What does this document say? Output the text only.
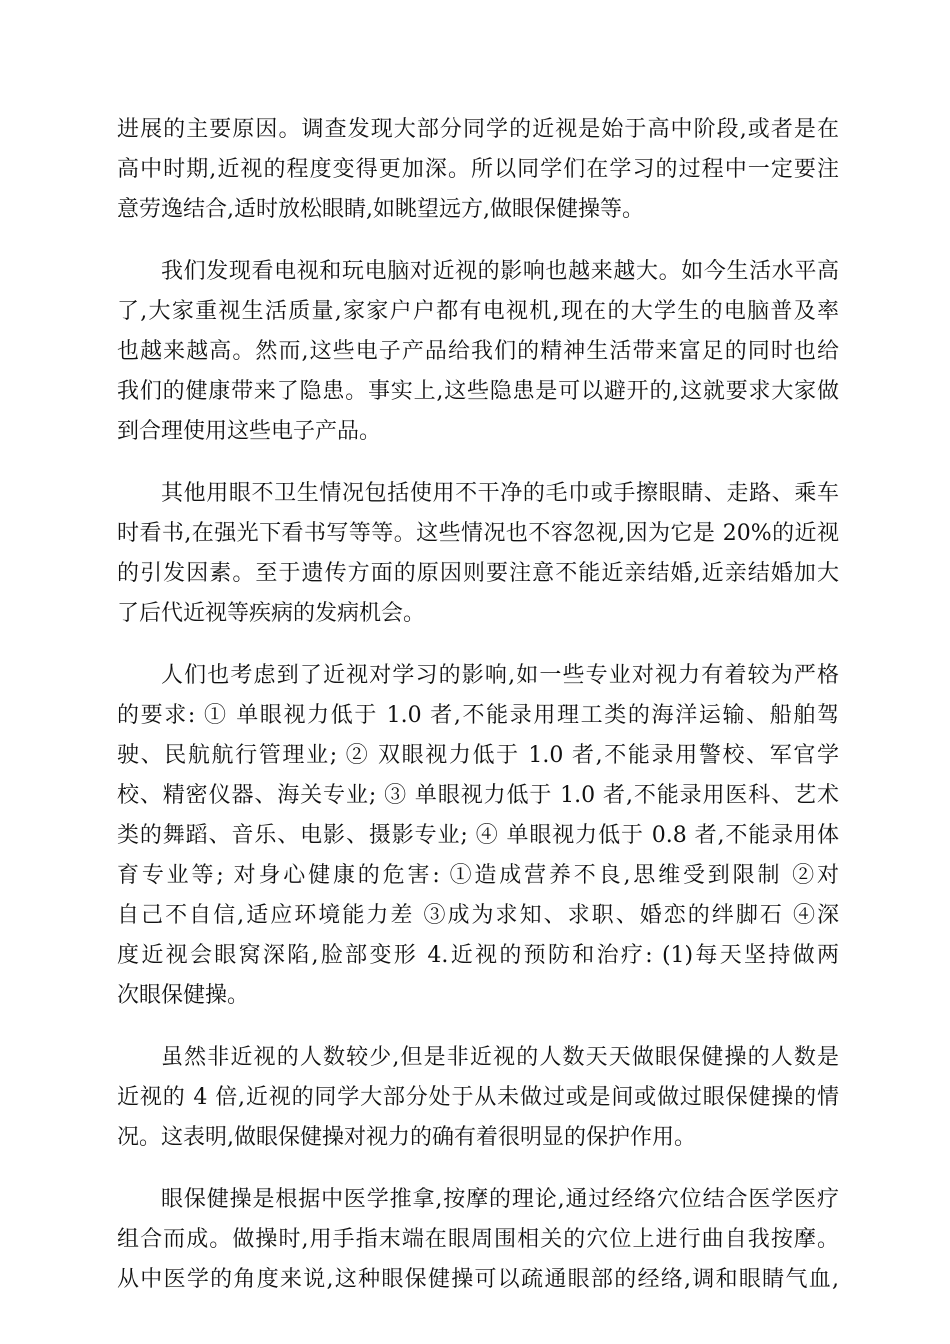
进展的主要原因。调查发现大部分同学的近视是始于高中阶段,或者是在
高中时期,近视的程度变得更加深。所以同学们在学习的过程中一定要注
意劳逸结合,适时放松眼睛,如眺望远方,做眼保健操等。
我们发现看电视和玩电脑对近视的影响也越来越大。如今生活水平高
了,大家重视生活质量,家家户户都有电视机,现在的大学生的电脑普及率
也越来越高。然而,这些电子产品给我们的精神生活带来富足的同时也给
我们的健康带来了隐患。事实上,这些隐患是可以避开的,这就要求大家做
到合理使用这些电子产品。
其他用眼不卫生情况包括使用不干净的毛巾或手擦眼睛、走路、乘车
时看书,在强光下看书写等等。这些情况也不容忽视,因为它是 20%的近视
的引发因素。至于遗传方面的原因则要注意不能近亲结婚,近亲结婚加大
了后代近视等疾病的发病机会。
人们也考虑到了近视对学习的影响,如一些专业对视力有着较为严格
的要求: ① 单眼视力低于 1.0 者,不能录用理工类的海洋运输、船舶驾
驶、民航航行管理业; ② 双眼视力低于 1.0 者,不能录用警校、军官学
校、精密仪器、海关专业; ③ 单眼视力低于 1.0 者,不能录用医科、艺术
类的舞蹈、音乐、电影、摄影专业; ④ 单眼视力低于 0.8 者,不能录用体
育专业等; 对身心健康的危害: ①造成营养不良,思维受到限制 ②对
自己不自信,适应环境能力差 ③成为求知、求职、婚恋的绊脚石 ④深
度近视会眼窝深陷,脸部变形 4.近视的预防和治疗: (1)每天坚持做两
次眼保健操。
虽然非近视的人数较少,但是非近视的人数天天做眼保健操的人数是
近视的 4 倍,近视的同学大部分处于从未做过或是间或做过眼保健操的情
况。这表明,做眼保健操对视力的确有着很明显的保护作用。
眼保健操是根据中医学推拿,按摩的理论,通过经络穴位结合医学医疗
组合而成。做操时,用手指末端在眼周围相关的穴位上进行曲自我按摩。
从中医学的角度来说,这种眼保健操可以疏通眼部的经络,调和眼睛气血,
